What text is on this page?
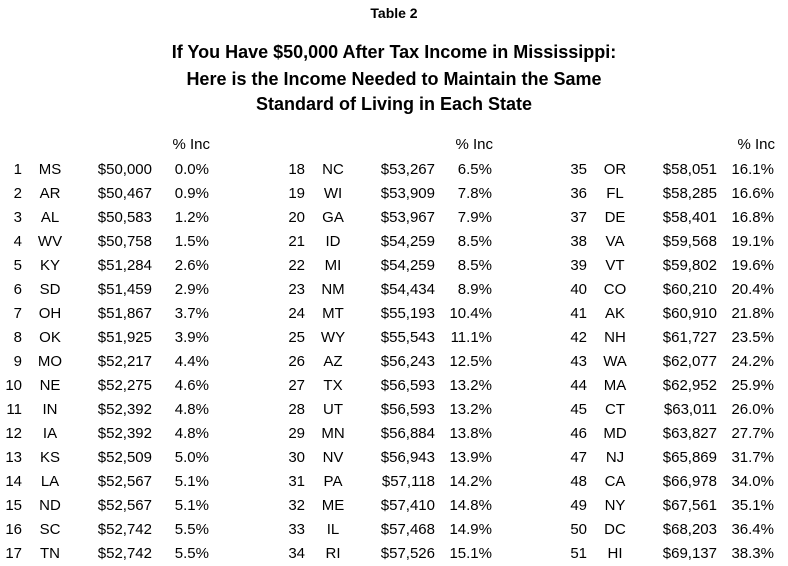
Table 2
If You Have $50,000 After Tax Income in Mississippi:
Here is the Income Needed to Maintain the Same
Standard of Living in Each State
% Inc
1	MS	$50,000	0.0%
2	AR	$50,467	0.9%
3	AL	$50,583	1.2%
4	WV	$50,758	1.5%
5	KY	$51,284	2.6%
6	SD	$51,459	2.9%
7	OH	$51,867	3.7%
8	OK	$51,925	3.9%
9	MO	$52,217	4.4%
10	NE	$52,275	4.6%
11	IN	$52,392	4.8%
12	IA	$52,392	4.8%
13	KS	$52,509	5.0%
14	LA	$52,567	5.1%
15	ND	$52,567	5.1%
16	SC	$52,742	5.5%
17	TN	$52,742	5.5%
% Inc
18	NC	$53,267	6.5%
19	WI	$53,909	7.8%
20	GA	$53,967	7.9%
21	ID	$54,259	8.5%
22	MI	$54,259	8.5%
23	NM	$54,434	8.9%
24	MT	$55,193 10.4%
25	WY	$55,543	11.1%
26	AZ	$56,243 12.5%
27	TX	$56,593 13.2%
28	UT	$56,593 13.2%
29	MN	$56,884 13.8%
30	NV	$56,943 13.9%
31	PA	$57,118 14.2%
32	ME	$57,410 14.8%
33	IL	$57,468 14.9%
34	RI	$57,526 15.1%
% Inc
35	OR	$58,051 16.1%
36	FL	$58,285 16.6%
37	DE	$58,401 16.8%
38	VA	$59,568 19.1%
39	VT	$59,802 19.6%
40	CO	$60,210 20.4%
41	AK	$60,910 21.8%
42	NH	$61,727 23.5%
43	WA	$62,077 24.2%
44	MA	$62,952 25.9%
45	CT	$63,011 26.0%
46	MD	$63,827 27.7%
47	NJ	$65,869 31.7%
48	CA	$66,978 34.0%
49	NY	$67,561 35.1%
50	DC	$68,203 36.4%
51	HI	$69,137 38.3%
